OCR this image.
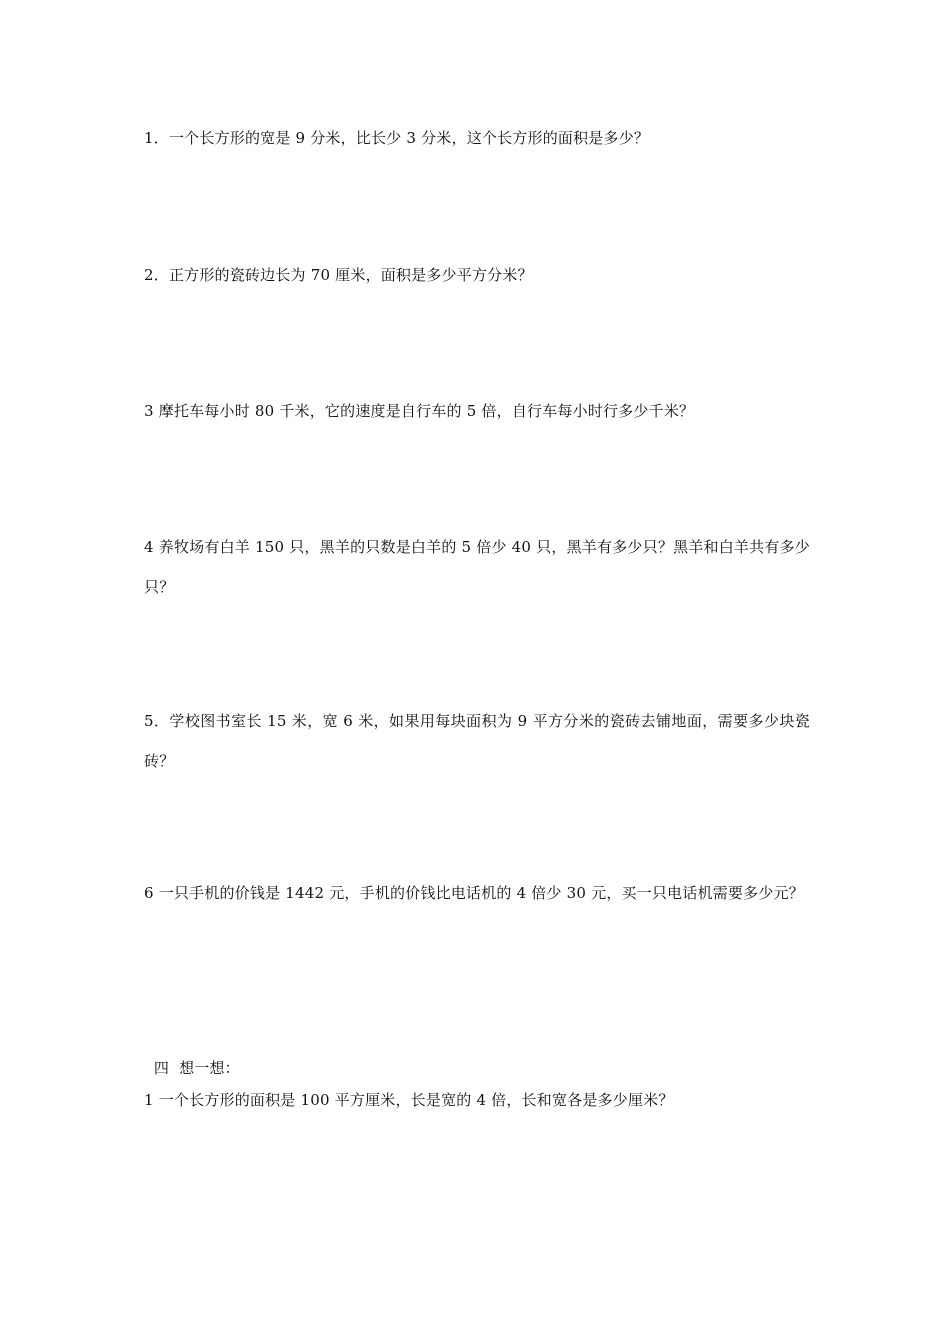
1．一个长方形的宽是 9 分米，比长少 3 分米，这个长方形的面积是多少？
2．正方形的瓷砖边长为 70 厘米，面积是多少平方分米？
3 摩托车每小时 80 千米，它的速度是自行车的 5 倍，自行车每小时行多少千米？
4 养牧场有白羊 150 只，黑羊的只数是白羊的 5 倍少 40 只，黑羊有多少只？黑羊和白羊共有多少只？
5．学校图书室长 15 米，宽 6 米，如果用每块面积为 9 平方分米的瓷砖去铺地面，需要多少块瓷砖？
6 一只手机的价钱是 1442 元，手机的价钱比电话机的 4 倍少 30 元，买一只电话机需要多少元？
四  想一想：
1 一个长方形的面积是 100 平方厘米，长是宽的 4 倍，长和宽各是多少厘米？
